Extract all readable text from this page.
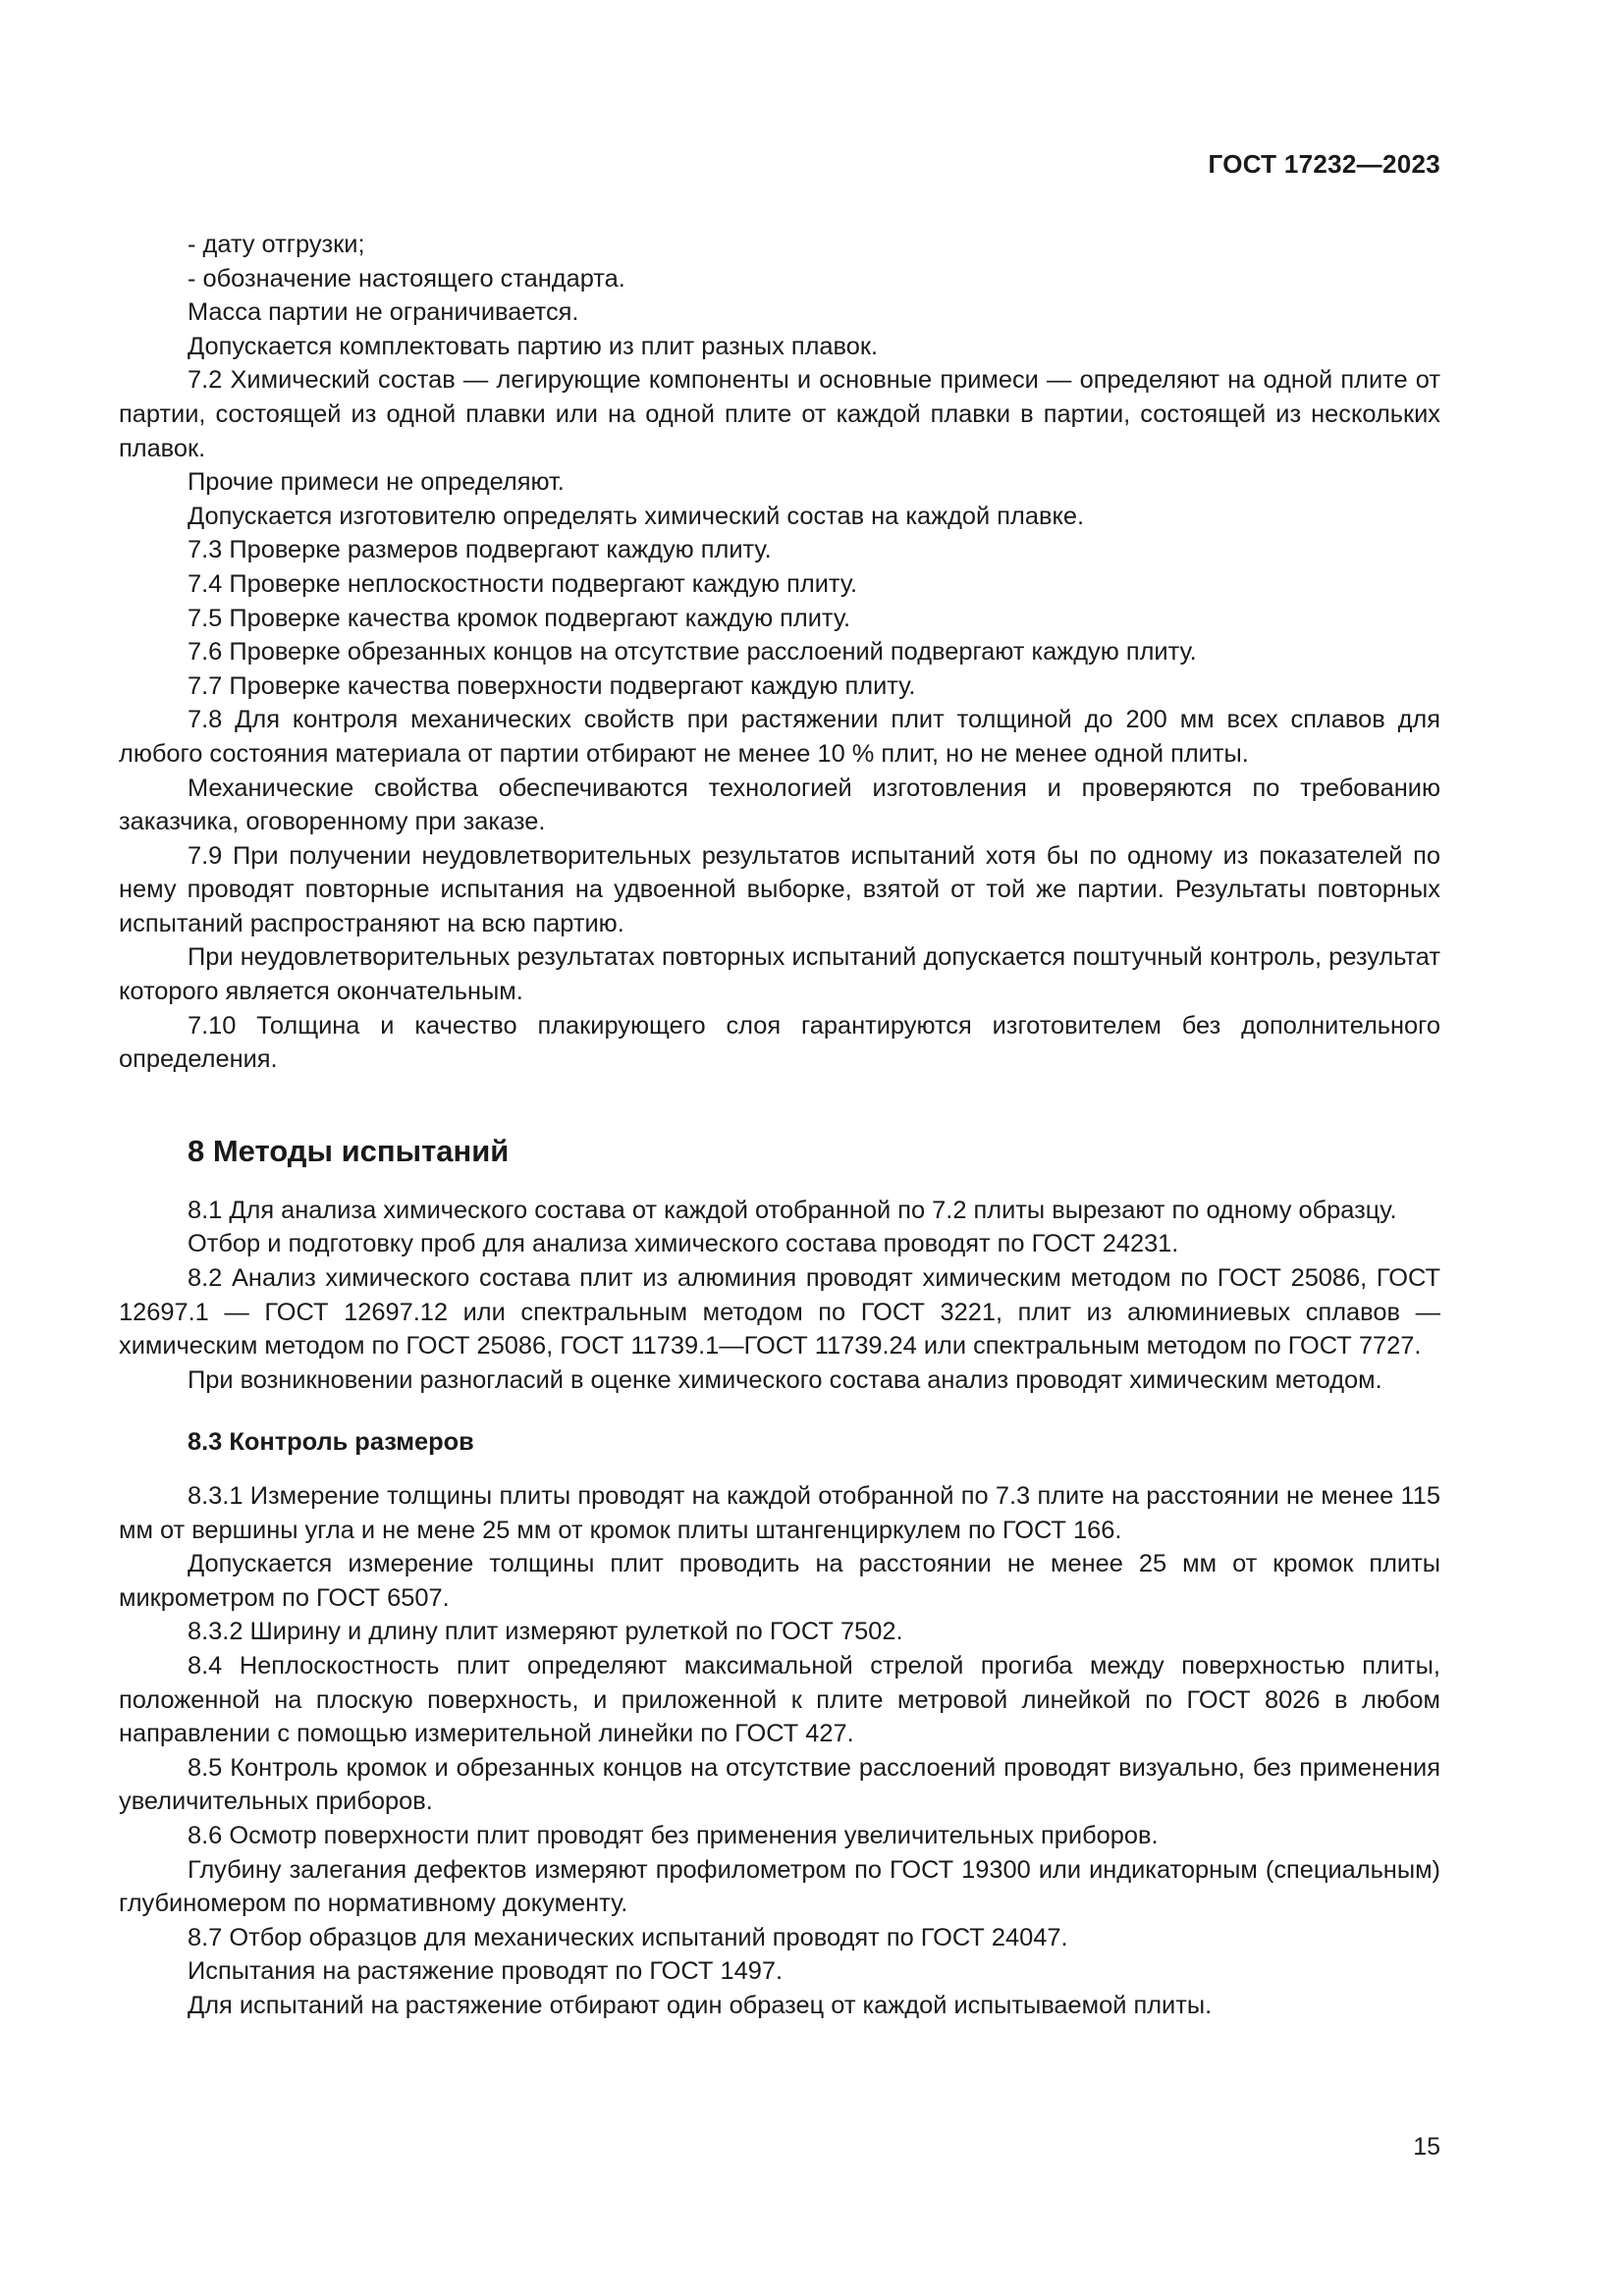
ГОСТ 17232—2023

- дату отгрузки;

- обозначение настоящего стандарта.

Масса партии не ограничивается.

Допускается комплектовать партию из плит разных плавок.

7.2 Химический состав — легирующие компоненты и основные примеси — определяют на одной плите от партии, состоящей из одной плавки или на одной плите от каждой плавки в партии, состоящей из нескольких плавок.

Прочие примеси не определяют.

Допускается изготовителю определять химический состав на каждой плавке.

7.3 Проверке размеров подвергают каждую плиту.

7.4 Проверке неплоскостности подвергают каждую плиту.

7.5 Проверке качества кромок подвергают каждую плиту.

7.6 Проверке обрезанных концов на отсутствие расслоений подвергают каждую плиту.

7.7 Проверке качества поверхности подвергают каждую плиту.

7.8 Для контроля механических свойств при растяжении плит толщиной до 200 мм всех сплавов для любого состояния материала от партии отбирают не менее 10 % плит, но не менее одной плиты.

Механические свойства обеспечиваются технологией изготовления и проверяются по требованию заказчика, оговоренному при заказе.

7.9 При получении неудовлетворительных результатов испытаний хотя бы по одному из показателей по нему проводят повторные испытания на удвоенной выборке, взятой от той же партии. Результаты повторных испытаний распространяют на всю партию.

При неудовлетворительных результатах повторных испытаний допускается поштучный контроль, результат которого является окончательным.

7.10 Толщина и качество плакирующего слоя гарантируются изготовителем без дополнительного определения.

8 Методы испытаний

8.1 Для анализа химического состава от каждой отобранной по 7.2 плиты вырезают по одному образцу.

Отбор и подготовку проб для анализа химического состава проводят по ГОСТ 24231.

8.2 Анализ химического состава плит из алюминия проводят химическим методом по ГОСТ 25086, ГОСТ 12697.1 — ГОСТ 12697.12 или спектральным методом по ГОСТ 3221, плит из алюминиевых сплавов — химическим методом по ГОСТ 25086, ГОСТ 11739.1—ГОСТ 11739.24 или спектральным методом по ГОСТ 7727.

При возникновении разногласий в оценке химического состава анализ проводят химическим методом.

8.3 Контроль размеров

8.3.1 Измерение толщины плиты проводят на каждой отобранной по 7.3 плите на расстоянии не менее 115 мм от вершины угла и не мене 25 мм от кромок плиты штангенциркулем по ГОСТ 166.

Допускается измерение толщины плит проводить на расстоянии не менее 25 мм от кромок плиты микрометром по ГОСТ 6507.

8.3.2 Ширину и длину плит измеряют рулеткой по ГОСТ 7502.

8.4 Неплоскостность плит определяют максимальной стрелой прогиба между поверхностью плиты, положенной на плоскую поверхность, и приложенной к плите метровой линейкой по ГОСТ 8026 в любом направлении с помощью измерительной линейки по ГОСТ 427.

8.5 Контроль кромок и обрезанных концов на отсутствие расслоений проводят визуально, без применения увеличительных приборов.

8.6 Осмотр поверхности плит проводят без применения увеличительных приборов.

Глубину залегания дефектов измеряют профилометром по ГОСТ 19300 или индикаторным (специальным) глубиномером по нормативному документу.

8.7 Отбор образцов для механических испытаний проводят по ГОСТ 24047.

Испытания на растяжение проводят по ГОСТ 1497.

Для испытаний на растяжение отбирают один образец от каждой испытываемой плиты.

15
